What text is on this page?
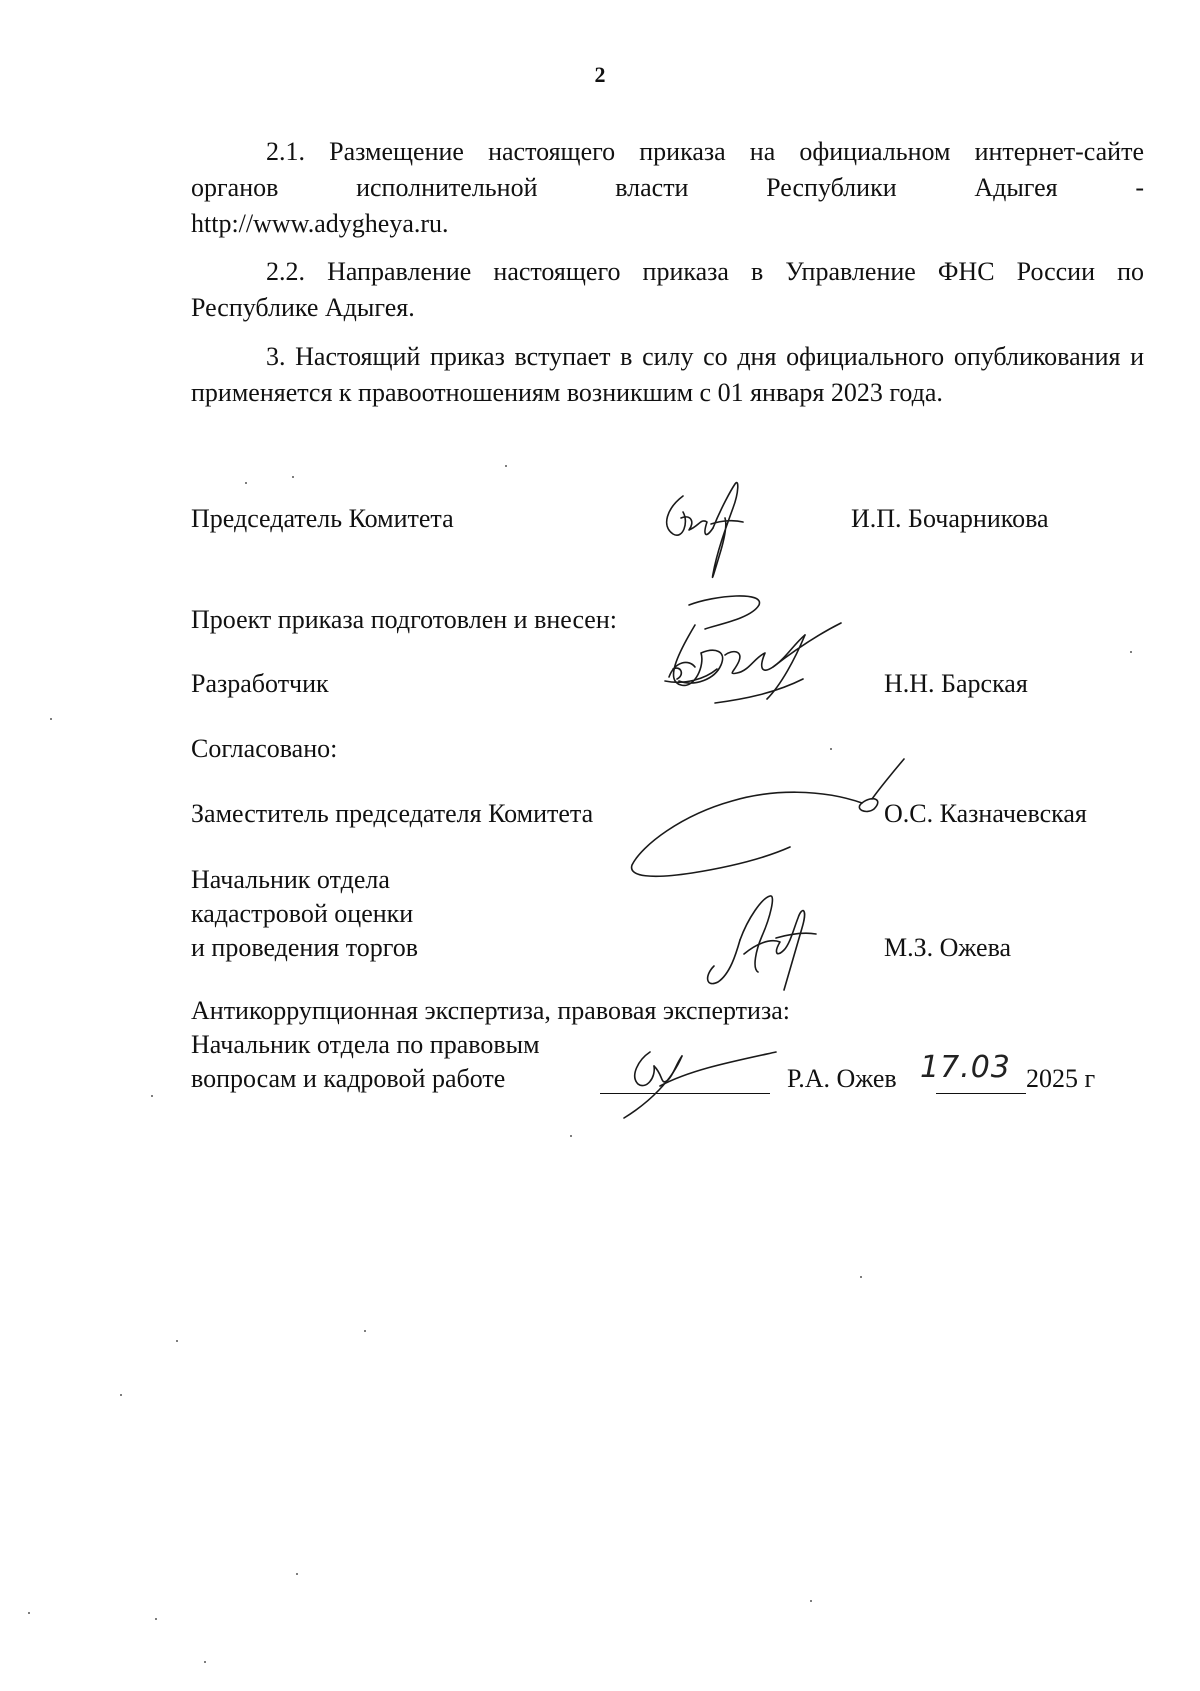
2
2.1. Размещение настоящего приказа на официальном интернет-сайте
органов исполнительной власти Республики Адыгея -
http://www.adygheya.ru.
2.2. Направление настоящего приказа в Управление ФНС России по Республике Адыгея.
3. Настоящий приказ вступает в силу со дня официального опубликования и применяется к правоотношениям возникшим с 01 января 2023 года.
Председатель Комитета	И.П. Бочарникова
Проект приказа подготовлен и внесен:
Разработчик	Н.Н. Барская
Согласовано:
Заместитель председателя Комитета	О.С. Казначевская
Начальник отдела
кадастровой оценки
и проведения торгов	М.З. Ожева
Антикоррупционная экспертиза, правовая экспертиза:
Начальник отдела по правовым
вопросам и кадровой работе	Р.А. Ожев 17.03 2025 г
